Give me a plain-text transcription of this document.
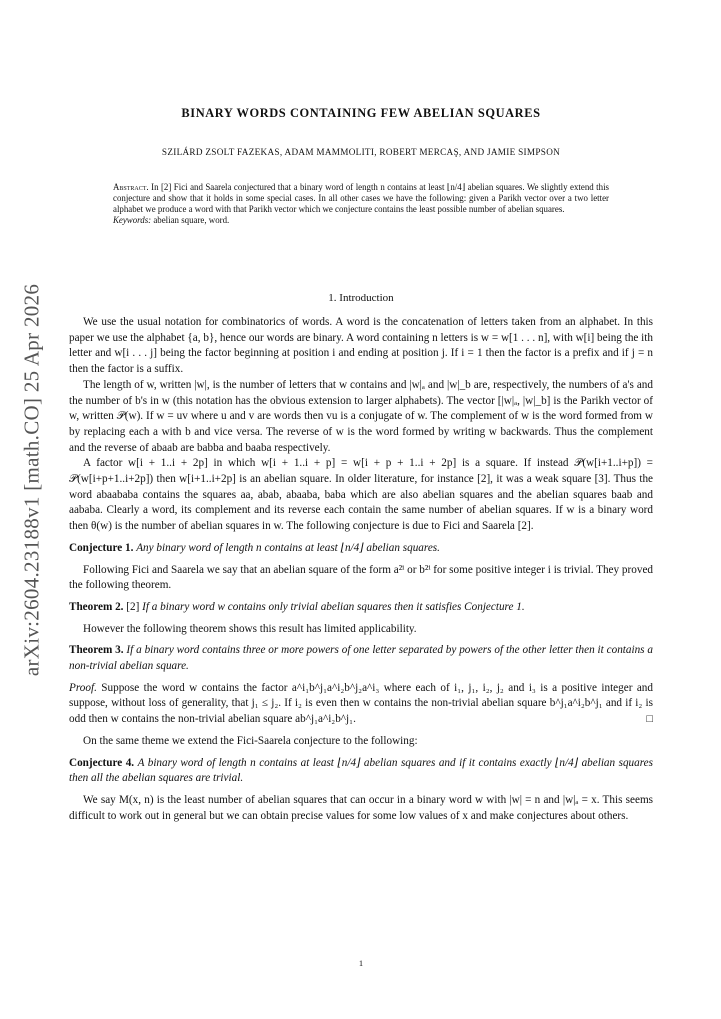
arXiv:2604.23188v1 [math.CO] 25 Apr 2026
BINARY WORDS CONTAINING FEW ABELIAN SQUARES
SZILÁRD ZSOLT FAZEKAS, ADAM MAMMOLITI, ROBERT MERCAŞ, AND JAMIE SIMPSON
Abstract. In [2] Fici and Saarela conjectured that a binary word of length n contains at least ⌊n/4⌋ abelian squares. We slightly extend this conjecture and show that it holds in some special cases. In all other cases we have the following: given a Parikh vector over a two letter alphabet we produce a word with that Parikh vector which we conjecture contains the least possible number of abelian squares.
Keywords: abelian square, word.
1. Introduction

We use the usual notation for combinatorics of words. A word is the concatenation of letters taken from an alphabet. In this paper we use the alphabet {a, b}, hence our words are binary. A word containing n letters is w = w[1 . . . n], with w[i] being the ith letter and w[i . . . j] being the factor beginning at position i and ending at position j. If i = 1 then the factor is a prefix and if j = n then the factor is a suffix.

The length of w, written |w|, is the number of letters that w contains and |w|ₐ and |w|_b are, respectively, the numbers of a's and the number of b's in w (this notation has the obvious extension to larger alphabets). The vector [|w|ₐ, |w|_b] is the Parikh vector of w, written 𝒫(w). If w = uv where u and v are words then vu is a conjugate of w. The complement of w is the word formed from w by replacing each a with b and vice versa. The reverse of w is the word formed by writing w backwards. Thus the complement and the reverse of abaab are babba and baaba respectively.

A factor w[i + 1..i + 2p] in which w[i + 1..i + p] = w[i + p + 1..i + 2p] is a square. If instead 𝒫(w[i+1..i+p]) = 𝒫(w[i+p+1..i+2p]) then w[i+1..i+2p] is an abelian square. In older literature, for instance [2], it was a weak square [3]. Thus the word abaababa contains the squares aa, abab, abaaba, baba which are also abelian squares and the abelian squares baab and aababa. Clearly a word, its complement and its reverse each contain the same number of abelian squares. If w is a binary word then θ(w) is the number of abelian squares in w. The following conjecture is due to Fici and Saarela [2].

Conjecture 1. Any binary word of length n contains at least ⌊n/4⌋ abelian squares.

Following Fici and Saarela we say that an abelian square of the form a²ⁱ or b²ⁱ for some positive integer i is trivial. They proved the following theorem.

Theorem 2. [2] If a binary word w contains only trivial abelian squares then it satisfies Conjecture 1.

However the following theorem shows this result has limited applicability.

Theorem 3. If a binary word contains three or more powers of one letter separated by powers of the other letter then it contains a non-trivial abelian square.

Proof. Suppose the word w contains the factor a^i₁b^j₁a^i₂b^j₂a^i₃ where each of i₁, j₁, i₂, j₂ and i₃ is a positive integer and suppose, without loss of generality, that j₁ ≤ j₂. If i₂ is even then w contains the non-trivial abelian square b^j₁a^i₂b^j₁ and if i₂ is odd then w contains the non-trivial abelian square ab^j₁a^i₂b^j₁.	□

On the same theme we extend the Fici-Saarela conjecture to the following:

Conjecture 4. A binary word of length n contains at least ⌊n/4⌋ abelian squares and if it contains exactly ⌊n/4⌋ abelian squares then all the abelian squares are trivial.

We say M(x, n) is the least number of abelian squares that can occur in a binary word w with |w| = n and |w|ₐ = x. This seems difficult to work out in general but we can obtain precise values for some low values of x and make conjectures about others.

1
